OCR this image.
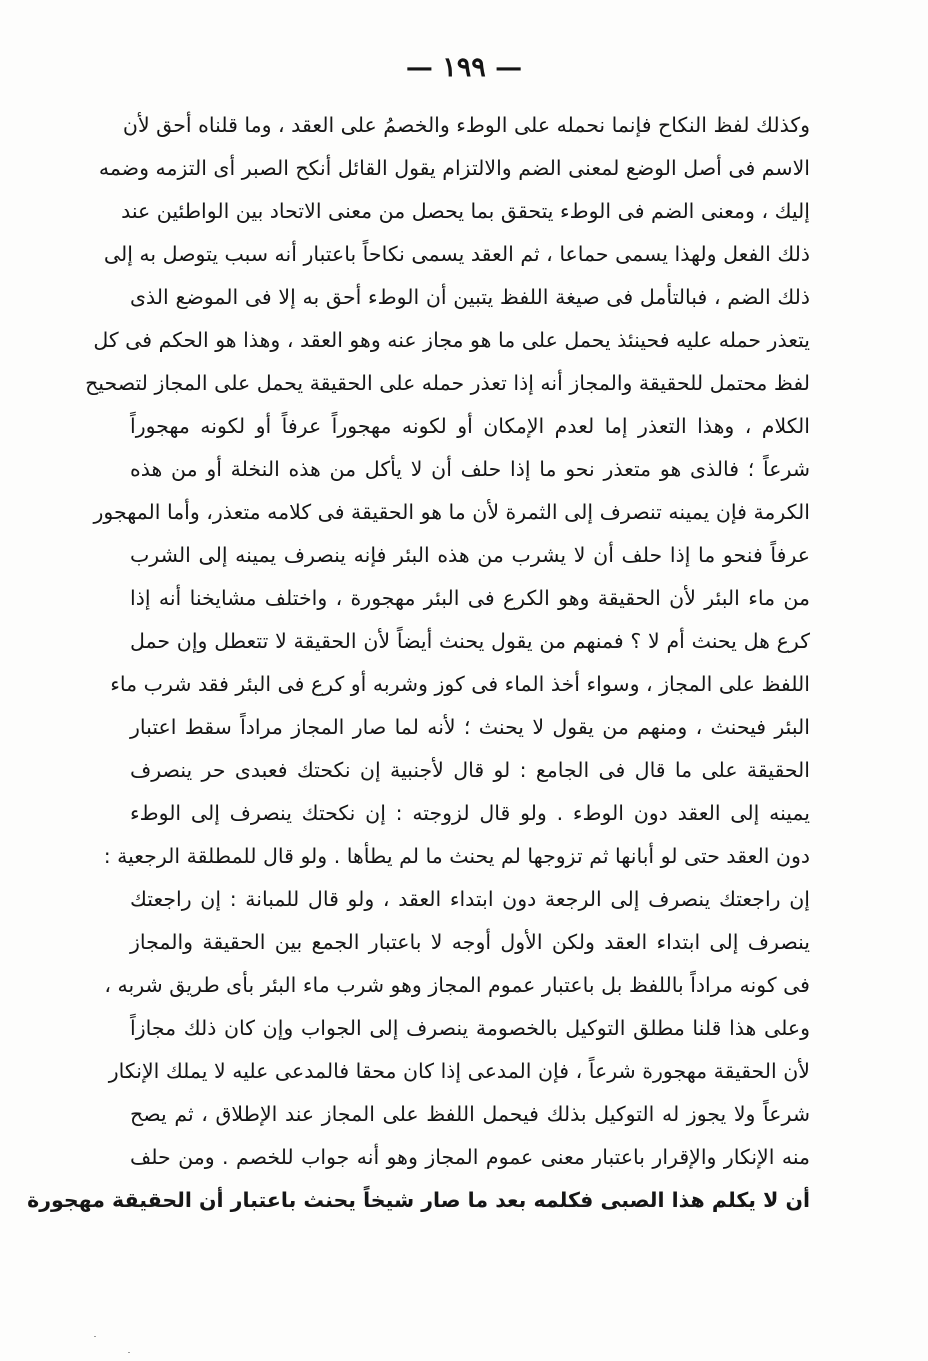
— ١٩٩ —
وكذلك لفظ النكاح فإنما نحمله على الوطء والخصمُ على العقد ، وما قلناه أحق لأن
الاسم فى أصل الوضع لمعنى الضم والالتزام يقول القائل أنكح الصبر أى التزمه وضمه
إليك ، ومعنى الضم فى الوطء يتحقق بما يحصل من معنى الاتحاد بين الواطئين عند
ذلك الفعل ولهذا يسمى حماعا ، ثم العقد يسمى نكاحاً باعتبار أنه سبب يتوصل به إلى
ذلك الضم ، فبالتأمل فى صيغة اللفظ يتبين أن الوطء أحق به إلا فى الموضع الذى
يتعذر حمله عليه فحينئذ يحمل على ما هو مجاز عنه وهو العقد ، وهذا هو الحكم فى كل
لفظ محتمل للحقيقة والمجاز أنه إذا تعذر حمله على الحقيقة يحمل على المجاز لتصحيح
الكلام ، وهذا التعذر إما لعدم الإمكان أو لكونه مهجوراً عرفاً أو لكونه مهجوراً
شرعاً ؛ فالذى هو متعذر نحو ما إذا حلف أن لا يأكل من هذه النخلة أو من هذه
الكرمة فإن يمينه تنصرف إلى الثمرة لأن ما هو الحقيقة فى كلامه متعذر، وأما المهجور
عرفاً فنحو ما إذا حلف أن لا يشرب من هذه البئر فإنه ينصرف يمينه إلى الشرب
من ماء البئر لأن الحقيقة وهو الكرع فى البئر مهجورة ، واختلف مشايخنا أنه إذا
كرع هل يحنث أم لا ؟ فمنهم من يقول يحنث أيضاً لأن الحقيقة لا تتعطل وإن حمل
اللفظ على المجاز ، وسواء أخذ الماء فى كوز وشربه أو كرع فى البئر فقد شرب ماء
البئر فيحنث ، ومنهم من يقول لا يحنث ؛ لأنه لما صار المجاز مراداً سقط اعتبار
الحقيقة على ما قال فى الجامع : لو قال لأجنبية إن نكحتك فعبدى حر ينصرف
يمينه إلى العقد دون الوطء . ولو قال لزوجته : إن نكحتك ينصرف إلى الوطء
دون العقد حتى لو أبانها ثم تزوجها لم يحنث ما لم يطأها . ولو قال للمطلقة الرجعية :
إن راجعتك ينصرف إلى الرجعة دون ابتداء العقد ، ولو قال للمبانة : إن راجعتك
ينصرف إلى ابتداء العقد ولكن الأول أوجه لا باعتبار الجمع بين الحقيقة والمجاز
فى كونه مراداً باللفظ بل باعتبار عموم المجاز وهو شرب ماء البئر بأى طريق شربه ،
وعلى هذا قلنا مطلق التوكيل بالخصومة ينصرف إلى الجواب وإن كان ذلك مجازاً
لأن الحقيقة مهجورة شرعاً ، فإن المدعى إذا كان محقا فالمدعى عليه لا يملك الإنكار
شرعاً ولا يجوز له التوكيل بذلك فيحمل اللفظ على المجاز عند الإطلاق ، ثم يصح
منه الإنكار والإقرار باعتبار معنى عموم المجاز وهو أنه جواب للخصم . ومن حلف
أن لا يكلم هذا الصبى فكلمه بعد ما صار شيخاً يحنث باعتبار أن الحقيقة مهجورة
